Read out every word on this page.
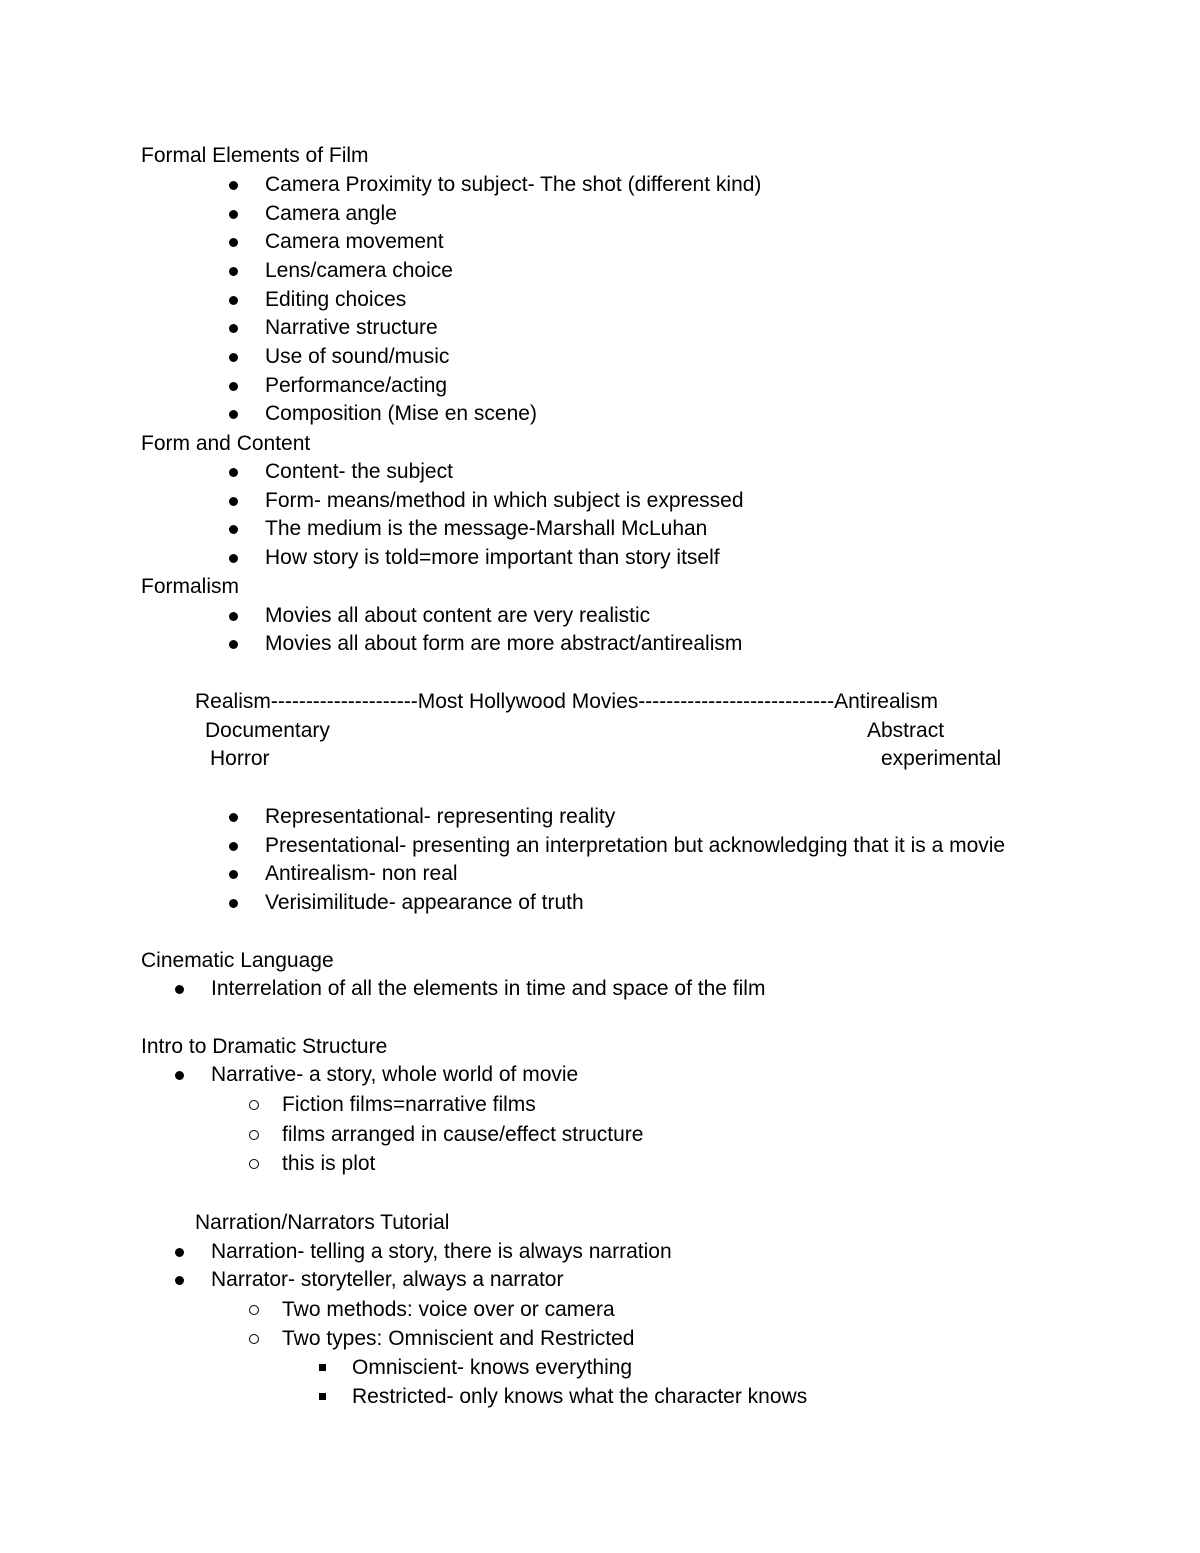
Formal Elements of Film

Camera Proximity to subject- The shot (different kind)

Camera angle

Camera movement

Lens/camera choice

Editing choices

Narrative structure

Use of sound/music

Performance/acting

Composition (Mise en scene)

Form and Content

Content- the subject

Form- means/method in which subject is expressed

The medium is the message-Marshall McLuhan

How story is told=more important than story itself

Formalism

Movies all about content are very realistic

Movies all about form are more abstract/antirealism

Realism---------------------Most Hollywood Movies----------------------------Antirealism

Documentary	Abstract

Horror	experimental

Representational- representing reality

Presentational- presenting an interpretation but acknowledging that it is a movie

Antirealism- non real

Verisimilitude- appearance of truth

Cinematic Language

Interrelation of all the elements in time and space of the film

Intro to Dramatic Structure

Narrative- a story, whole world of movie

Fiction films=narrative films

films arranged in cause/effect structure

this is plot

Narration/Narrators Tutorial

Narration- telling a story, there is always narration

Narrator- storyteller, always a narrator

Two methods: voice over or camera

Two types: Omniscient and Restricted

Omniscient- knows everything

Restricted- only knows what the character knows
